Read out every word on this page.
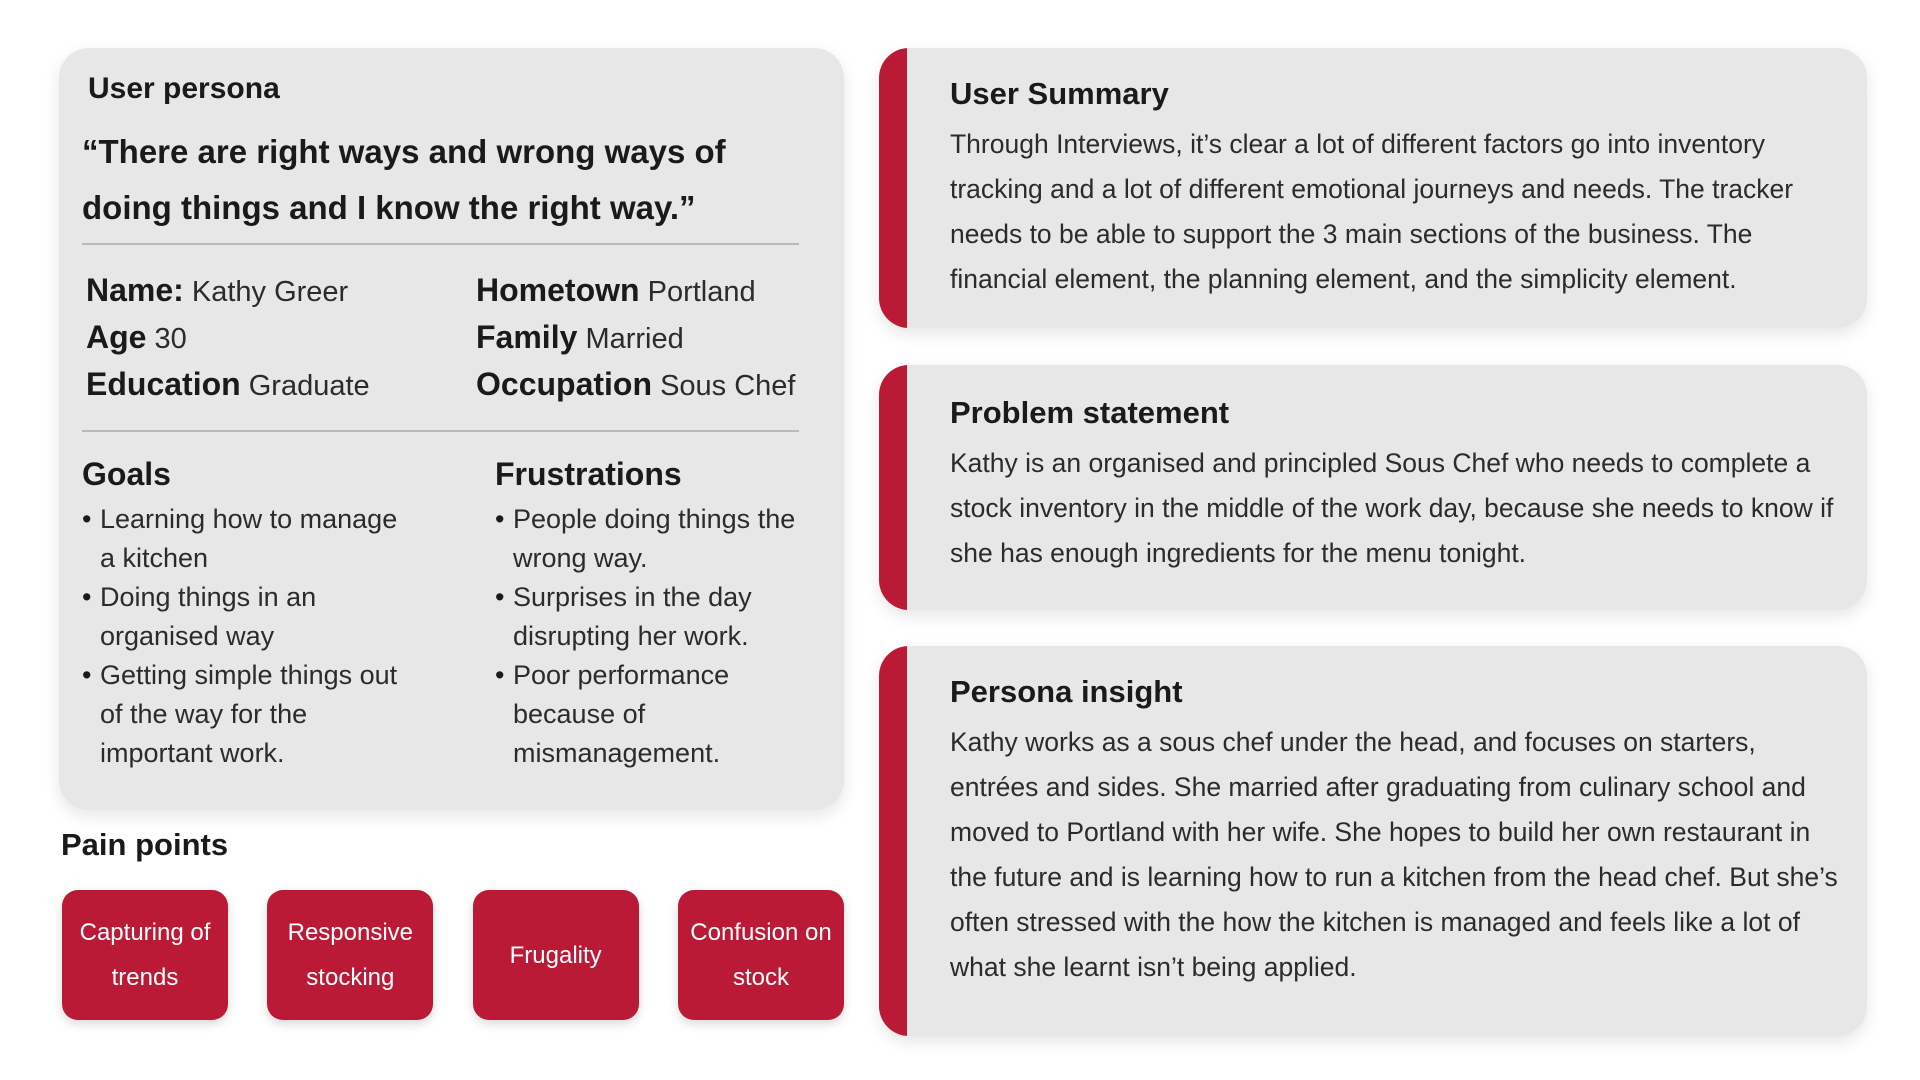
User persona
“There are right ways and wrong ways of doing things and I know the right way.”
Name: Kathy Greer
Age 30
Education Graduate
Hometown Portland
Family Married
Occupation Sous Chef
Goals
• Learning how to manage a kitchen
• Doing things in an organised way
• Getting simple things out of the way for the important work.
Frustrations
• People doing things the wrong way.
• Surprises in the day disrupting her work.
• Poor performance because of mismanagement.
Pain points
Capturing of trends
Responsive stocking
Frugality
Confusion on stock
User Summary
Through Interviews, it’s clear a lot of different factors go into inventory tracking and a lot of different emotional journeys and needs. The tracker needs to be able to support the 3 main sections of the business. The financial element, the planning element, and the simplicity element.
Problem statement
Kathy is an organised and principled Sous Chef who needs to complete a stock inventory in the middle of the work day, because she needs to know if she has enough ingredients for the menu tonight.
Persona insight
Kathy works as a sous chef under the head, and focuses on starters, entrées and sides. She married after graduating from culinary school and moved to Portland with her wife. She hopes to build her own restaurant in the future and is learning how to run a kitchen from the head chef. But she’s often stressed with the how the kitchen is managed and feels like a lot of what she learnt isn’t being applied.
